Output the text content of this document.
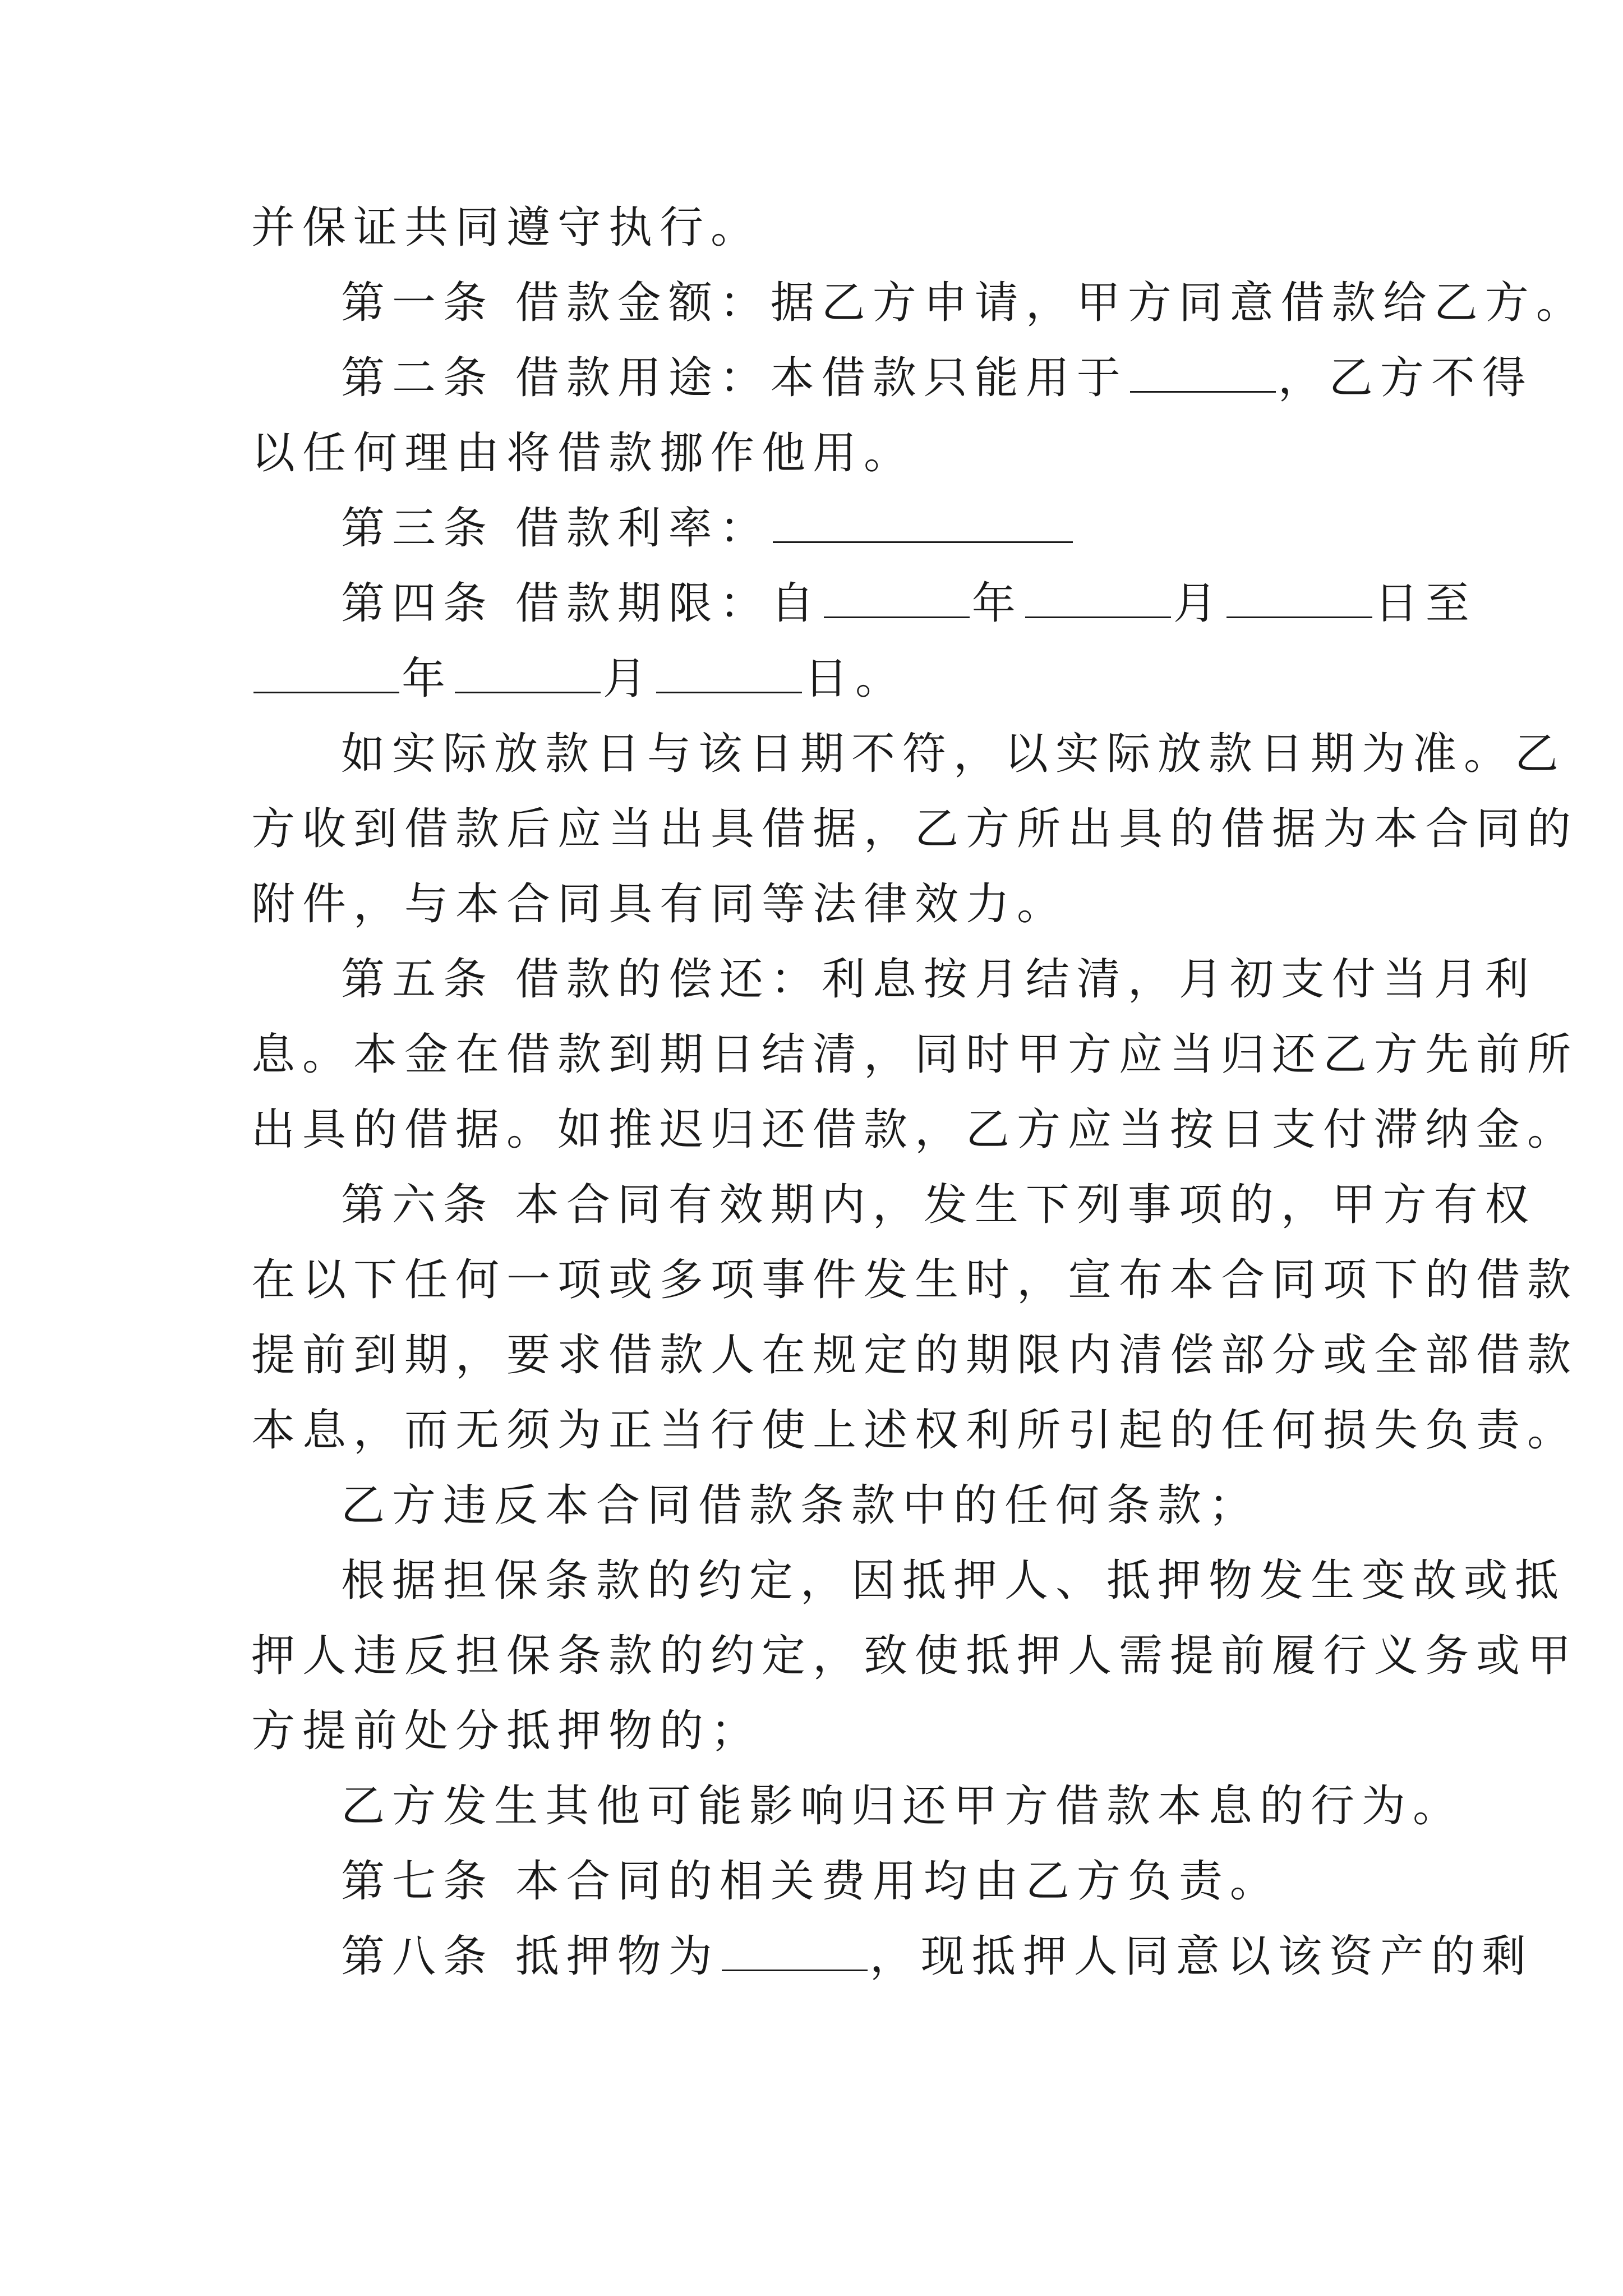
并保证共同遵守执行。
第一条 借款金额：据乙方申请，甲方同意借款给乙方。
第二条 借款用途：本借款只能用于	，乙方不得
以任何理由将借款挪作他用。
第三条 借款利率：
第四条 借款期限：自	年	月	日至
年	月	日。
如实际放款日与该日期不符，以实际放款日期为准。乙
方收到借款后应当出具借据，乙方所出具的借据为本合同的
附件，与本合同具有同等法律效力。
第五条 借款的偿还：利息按月结清，月初支付当月利
息。本金在借款到期日结清，同时甲方应当归还乙方先前所
出具的借据。如推迟归还借款，乙方应当按日支付滞纳金。
第六条 本合同有效期内，发生下列事项的，甲方有权
在以下任何一项或多项事件发生时，宣布本合同项下的借款
提前到期，要求借款人在规定的期限内清偿部分或全部借款
本息，而无须为正当行使上述权利所引起的任何损失负责。
乙方违反本合同借款条款中的任何条款；
根据担保条款的约定，因抵押人、抵押物发生变故或抵
押人违反担保条款的约定，致使抵押人需提前履行义务或甲
方提前处分抵押物的；
乙方发生其他可能影响归还甲方借款本息的行为。
第七条 本合同的相关费用均由乙方负责。
第八条 抵押物为	，现抵押人同意以该资产的剩
